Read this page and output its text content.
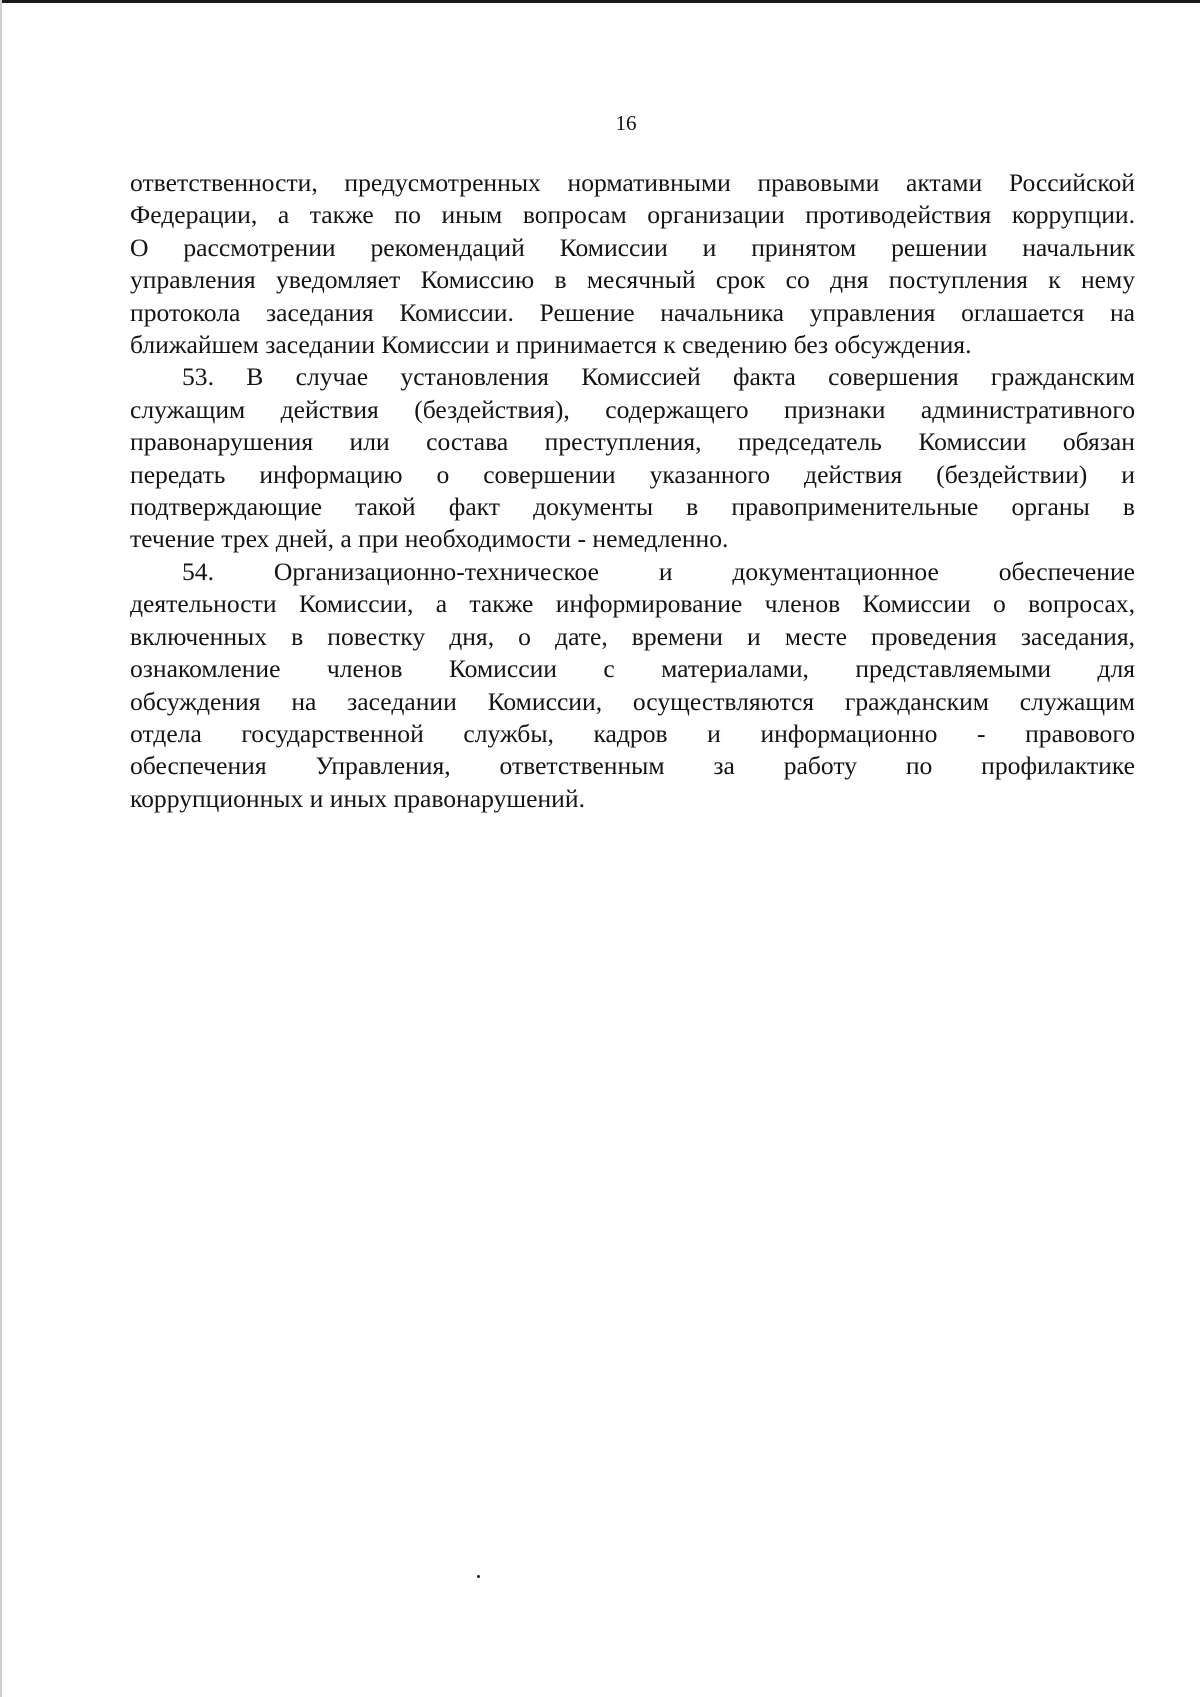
16
ответственности, предусмотренных нормативными правовыми актами Российской
Федерации, а также по иным вопросам организации противодействия коррупции.
О рассмотрении рекомендаций Комиссии и принятом решении начальник
управления уведомляет Комиссию в месячный срок со дня поступления к нему
протокола заседания Комиссии. Решение начальника управления оглашается на
ближайшем заседании Комиссии и принимается к сведению без обсуждения.
53. В случае установления Комиссией факта совершения гражданским
служащим действия (бездействия), содержащего признаки административного
правонарушения или состава преступления, председатель Комиссии обязан
передать информацию о совершении указанного действия (бездействии) и
подтверждающие такой факт документы в правоприменительные органы в
течение трех дней, а при необходимости - немедленно.
54. Организационно-техническое и документационное обеспечение
деятельности Комиссии, а также информирование членов Комиссии о вопросах,
включенных в повестку дня, о дате, времени и месте проведения заседания,
ознакомление членов Комиссии с материалами, представляемыми для
обсуждения на заседании Комиссии, осуществляются гражданским служащим
отдела государственной службы, кадров и информационно - правового
обеспечения Управления, ответственным за работу по профилактике
коррупционных и иных правонарушений.
